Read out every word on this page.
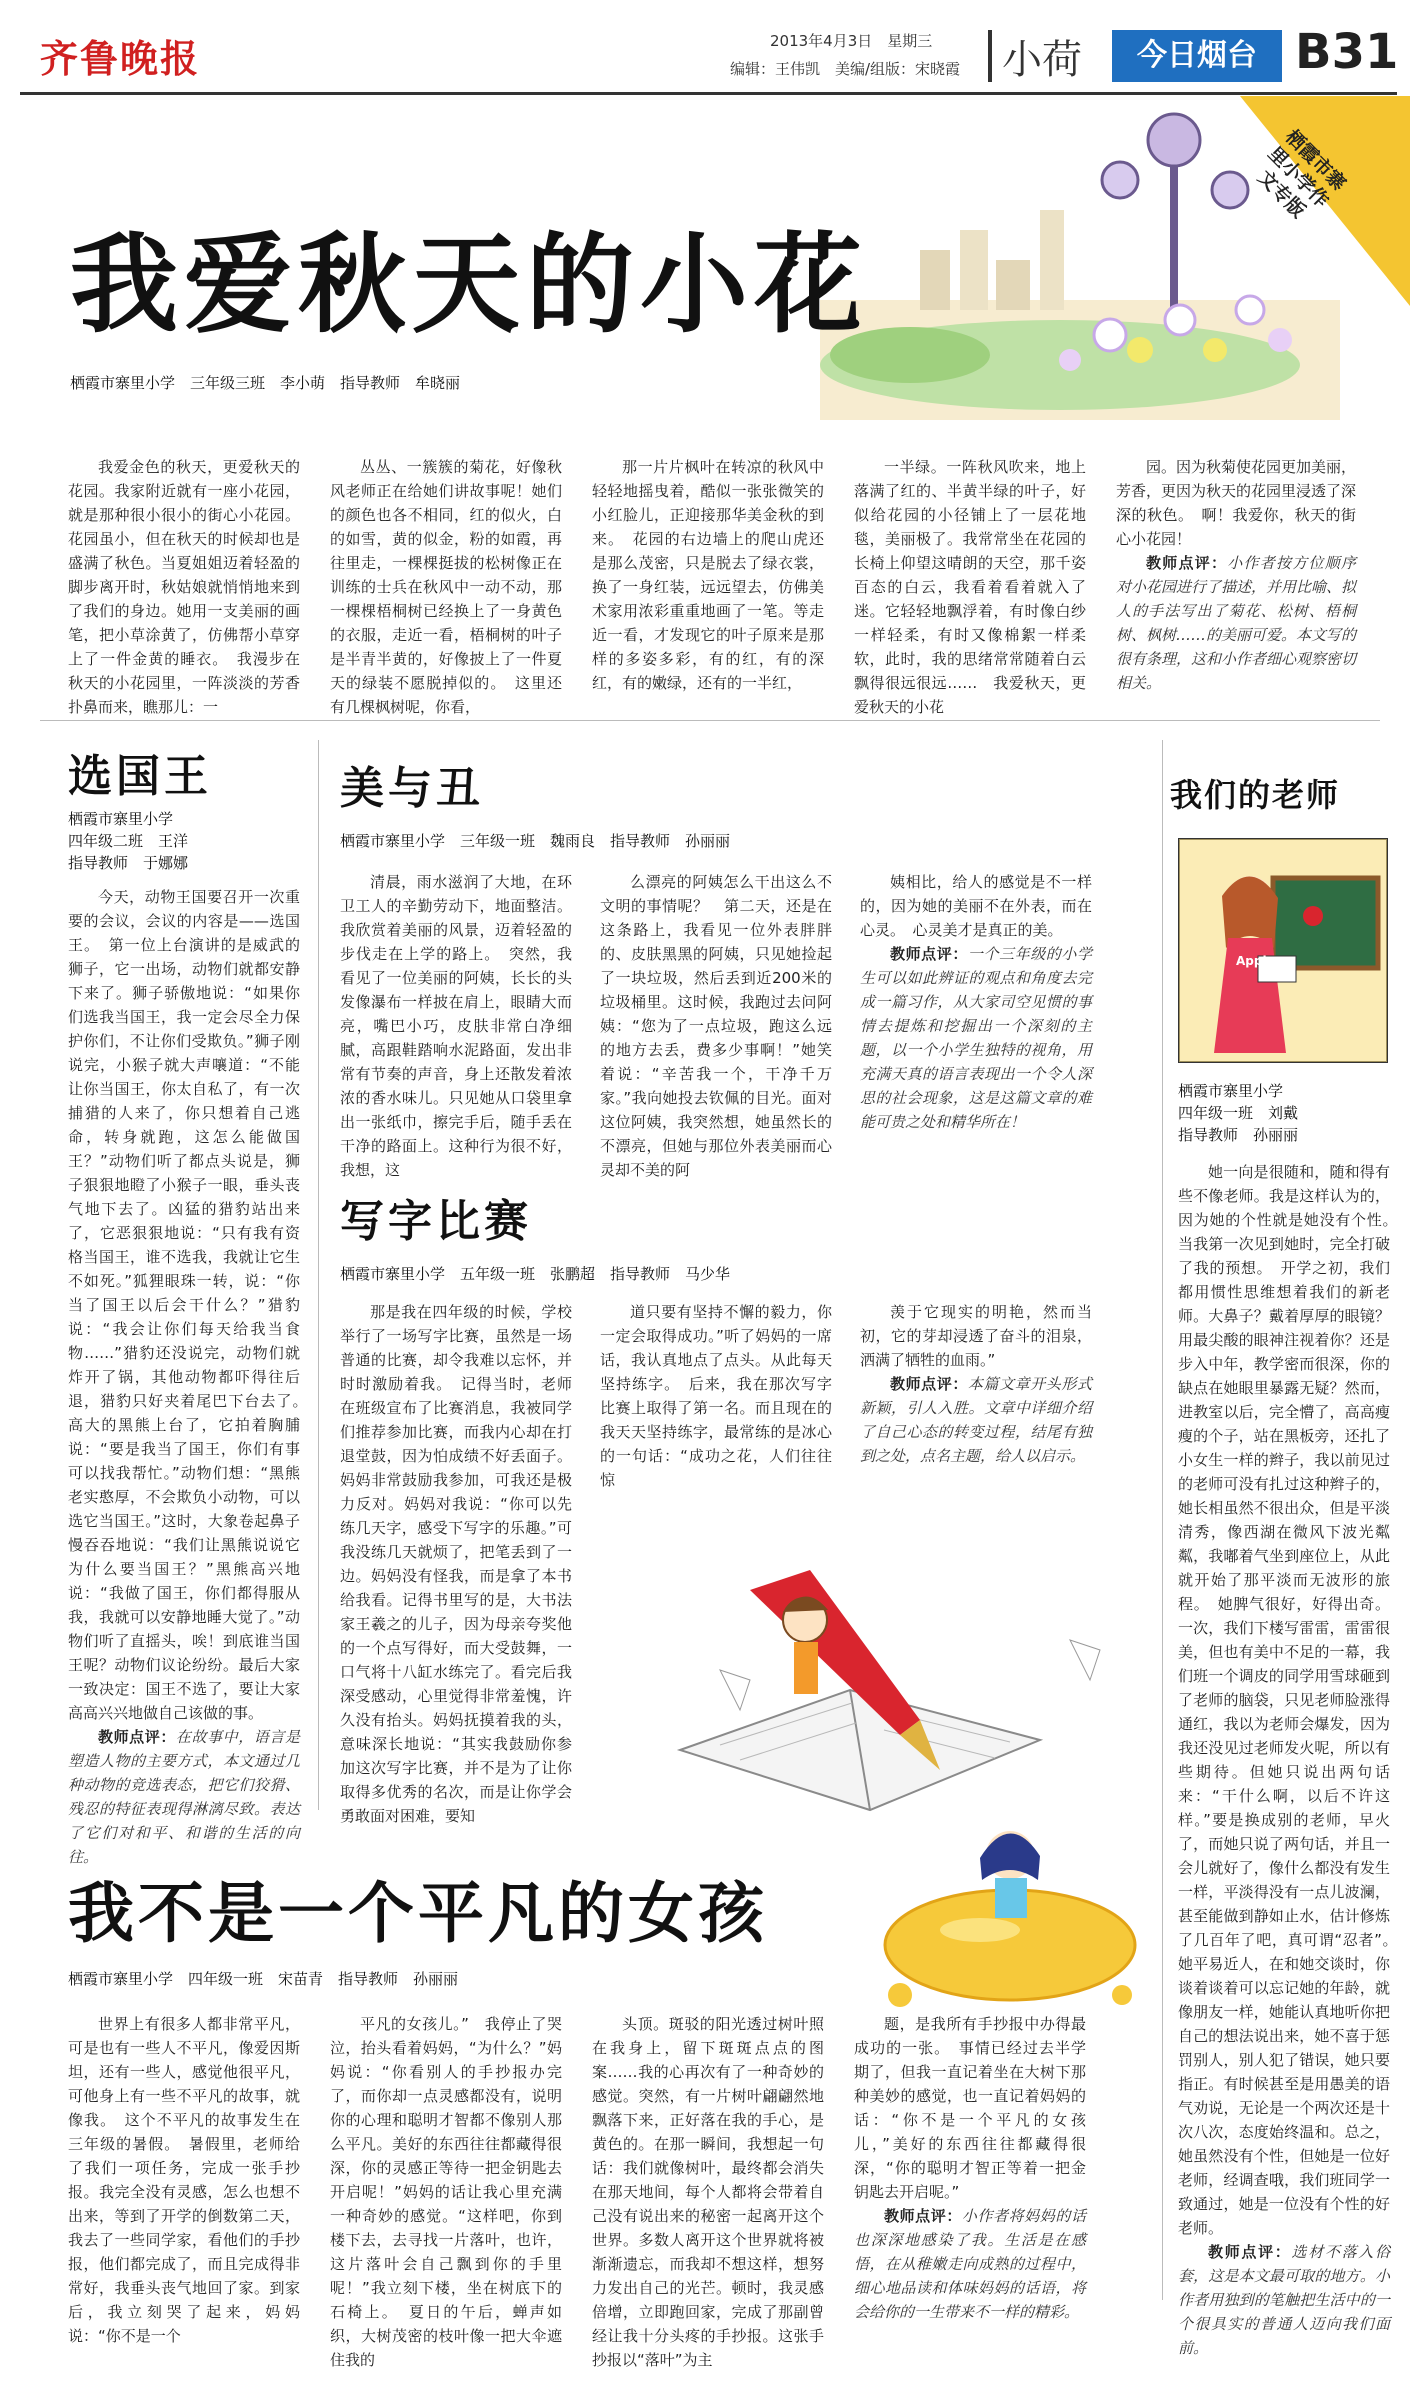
齐鲁晚报	2013年4月3日　星期三
编辑：王伟凯　美编/组版：宋晓霞 小荷	今日烟台 B31
栖霞市寨里小学作文专版
我爱秋天的小花
栖霞市寨里小学　三年级三班　李小萌　指导教师　牟晓丽

我爱金色的秋天，更爱秋天的花园。我家附近就有一座小花园，就是那种很小很小的街心小花园。花园虽小，但在秋天的时候却也是盛满了秋色。当夏姐姐迈着轻盈的脚步离开时，秋姑娘就悄悄地来到了我们的身边。她用一支美丽的画笔，把小草涂黄了，仿佛帮小草穿上了一件金黄的睡衣。　我漫步在秋天的小花园里，一阵淡淡的芳香扑鼻而来，瞧那儿：一

丛丛、一簇簇的菊花，好像秋风老师正在给她们讲故事呢！她们的颜色也各不相同，红的似火，白的如雪，黄的似金，粉的如霞，再往里走，一棵棵挺拔的松树像正在训练的士兵在秋风中一动不动，那一棵棵梧桐树已经换上了一身黄色的衣服，走近一看，梧桐树的叶子是半青半黄的，好像披上了一件夏天的绿装不愿脱掉似的。　这里还有几棵枫树呢，你看，

那一片片枫叶在转凉的秋风中轻轻地摇曳着，酷似一张张微笑的小红脸儿，正迎接那华美金秋的到来。　花园的右边墙上的爬山虎还是那么茂密，只是脱去了绿衣裳，换了一身红装，远远望去，仿佛美术家用浓彩重重地画了一笔。等走近一看，才发现它的叶子原来是那样的多姿多彩，有的红，有的深红，有的嫩绿，还有的一半红，

一半绿。一阵秋风吹来，地上落满了红的、半黄半绿的叶子，好似给花园的小径铺上了一层花地毯，美丽极了。我常常坐在花园的长椅上仰望这晴朗的天空，那千姿百态的白云，我看着看着就入了迷。它轻轻地飘浮着，有时像白纱一样轻柔，有时又像棉絮一样柔软，此时，我的思绪常常随着白云飘得很远很远……　我爱秋天，更爱秋天的小花

园。因为秋菊使花园更加美丽，芳香，更因为秋天的花园里浸透了深深的秋色。　啊！我爱你，秋天的街心小花园！

教师点评：小作者按方位顺序对小花园进行了描述，并用比喻、拟人的手法写出了菊花、松树、梧桐树、枫树……的美丽可爱。本文写的很有条理，这和小作者细心观察密切相关。

选国王
栖霞市寨里小学
四年级二班　王洋
指导教师　于娜娜

今天，动物王国要召开一次重要的会议，会议的内容是——选国王。　第一位上台演讲的是威武的狮子，它一出场，动物们就都安静下来了。狮子骄傲地说：“如果你们选我当国王，我一定会尽全力保护你们，不让你们受欺负。”狮子刚说完，小猴子就大声嚷道：“不能让你当国王，你太自私了，有一次捕猎的人来了，你只想着自己逃命，转身就跑，这怎么能做国王？”动物们听了都点头说是，狮子狠狠地瞪了小猴子一眼，垂头丧气地下去了。凶猛的猎豹站出来了，它恶狠狠地说：“只有我有资格当国王，谁不选我，我就让它生不如死。”狐狸眼珠一转，说：“你当了国王以后会干什么？”猎豹说：“我会让你们每天给我当食物……”猎豹还没说完，动物们就炸开了锅，其他动物都吓得往后退，猎豹只好夹着尾巴下台去了。　高大的黑熊上台了，它拍着胸脯说：“要是我当了国王，你们有事可以找我帮忙。”动物们想：“黑熊老实憨厚，不会欺负小动物，可以选它当国王。”这时，大象卷起鼻子慢吞吞地说：“我们让黑熊说说它为什么要当国王？”黑熊高兴地说：“我做了国王，你们都得服从我，我就可以安静地睡大觉了。”动物们听了直摇头，唉！到底谁当国王呢？动物们议论纷纷。最后大家一致决定：国王不选了，要让大家高高兴兴地做自己该做的事。

教师点评：在故事中，语言是塑造人物的主要方式，本文通过几种动物的竞选表态，把它们狡猾、残忍的特征表现得淋漓尽致。表达了它们对和平、和谐的生活的向往。

美与丑
栖霞市寨里小学　三年级一班　魏雨良　指导教师　孙丽丽

清晨，雨水滋润了大地，在环卫工人的辛勤劳动下，地面整洁。我欣赏着美丽的风景，迈着轻盈的步伐走在上学的路上。　突然，我看见了一位美丽的阿姨，长长的头发像瀑布一样披在肩上，眼睛大而亮，嘴巴小巧，皮肤非常白净细腻，高跟鞋踏响水泥路面，发出非常有节奏的声音，身上还散发着浓浓的香水味儿。只见她从口袋里拿出一张纸巾，擦完手后，随手丢在干净的路面上。这种行为很不好，我想，这

么漂亮的阿姨怎么干出这么不文明的事情呢？　第二天，还是在这条路上，我看见一位外表胖胖的、皮肤黑黑的阿姨，只见她捡起了一块垃圾，然后丢到近200米的垃圾桶里。这时候，我跑过去问阿姨：“您为了一点垃圾，跑这么远的地方去丢，费多少事啊！”她笑着说：“辛苦我一个，干净千万家。”我向她投去钦佩的目光。面对这位阿姨，我突然想，她虽然长的不漂亮，但她与那位外表美丽而心灵却不美的阿

姨相比，给人的感觉是不一样的，因为她的美丽不在外表，而在心灵。　心灵美才是真正的美。

教师点评：一个三年级的小学生可以如此辨证的观点和角度去完成一篇习作，从大家司空见惯的事情去提炼和挖掘出一个深刻的主题，以一个小学生独特的视角，用充满天真的语言表现出一个令人深思的社会现象，这是这篇文章的难能可贵之处和精华所在！

写字比赛
栖霞市寨里小学　五年级一班　张鹏超　指导教师　马少华

那是我在四年级的时候，学校举行了一场写字比赛，虽然是一场普通的比赛，却令我难以忘怀，并时时激励着我。　记得当时，老师在班级宣布了比赛消息，我被同学们推荐参加比赛，而我内心却在打退堂鼓，因为怕成绩不好丢面子。妈妈非常鼓励我参加，可我还是极力反对。妈妈对我说：“你可以先练几天字，感受下写字的乐趣。”可我没练几天就烦了，把笔丢到了一边。妈妈没有怪我，而是拿了本书给我看。记得书里写的是，大书法家王羲之的儿子，因为母亲夸奖他的一个点写得好，而大受鼓舞，一口气将十八缸水练完了。看完后我深受感动，心里觉得非常羞愧，许久没有抬头。妈妈抚摸着我的头，意味深长地说：“其实我鼓励你参加这次写字比赛，并不是为了让你取得多优秀的名次，而是让你学会勇敢面对困难，要知

道只要有坚持不懈的毅力，你一定会取得成功。”听了妈妈的一席话，我认真地点了点头。从此每天坚持练字。　后来，我在那次写字比赛上取得了第一名。而且现在的我天天坚持练字，最常练的是冰心的一句话：“成功之花，人们往往惊

羡于它现实的明艳，然而当初，它的芽却浸透了奋斗的泪泉，洒满了牺牲的血雨。”

教师点评：本篇文章开头形式新颖，引人入胜。文章中详细介绍了自己心态的转变过程，结尾有独到之处，点名主题，给人以启示。

我不是一个平凡的女孩
栖霞市寨里小学　四年级一班　宋苗青　指导教师　孙丽丽

世界上有很多人都非常平凡，可是也有一些人不平凡，像爱因斯坦，还有一些人，感觉他很平凡，可他身上有一些不平凡的故事，就像我。　这个不平凡的故事发生在三年级的暑假。　暑假里，老师给了我们一项任务，完成一张手抄报。我完全没有灵感，怎么也想不出来，等到了开学的倒数第二天，我去了一些同学家，看他们的手抄报，他们都完成了，而且完成得非常好，我垂头丧气地回了家。到家后，我立刻哭了起来，妈妈说：“你不是一个

平凡的女孩儿。”　我停止了哭泣，抬头看着妈妈，“为什么？”妈妈说：“你看别人的手抄报办完了，而你却一点灵感都没有，说明你的心理和聪明才智都不像别人那么平凡。美好的东西往往都藏得很深，你的灵感正等待一把金钥匙去开启呢！”妈妈的话让我心里充满一种奇妙的感觉。“这样吧，你到楼下去，去寻找一片落叶，也许，这片落叶会自己飘到你的手里呢！”我立刻下楼，坐在树底下的石椅上。　夏日的午后，蝉声如织，大树茂密的枝叶像一把大伞遮住我的

头顶。斑驳的阳光透过树叶照在我身上，留下斑斑点点的图案……我的心再次有了一种奇妙的感觉。突然，有一片树叶翩翩然地飘落下来，正好落在我的手心，是黄色的。在那一瞬间，我想起一句话：我们就像树叶，最终都会消失在那天地间，每个人都将会带着自己没有说出来的秘密一起离开这个世界。多数人离开这个世界就将被渐渐遗忘，而我却不想这样，想努力发出自己的光芒。顿时，我灵感倍增，立即跑回家，完成了那副曾经让我十分头疼的手抄报。这张手抄报以“落叶”为主

题，是我所有手抄报中办得最成功的一张。　事情已经过去半学期了，但我一直记着坐在大树下那种美妙的感觉，也一直记着妈妈的话：“你不是一个平凡的女孩儿，”美好的东西往往都藏得很深，“你的聪明才智正等着一把金钥匙去开启呢。”

教师点评：小作者将妈妈的话也深深地感染了我。生活是在感悟，在从稚嫩走向成熟的过程中，细心地品读和体味妈妈的话语，将会给你的一生带来不一样的精彩。

我们的老师
Apple
栖霞市寨里小学
四年级一班　刘戴
指导教师　孙丽丽

她一向是很随和，随和得有些不像老师。我是这样认为的，因为她的个性就是她没有个性。　当我第一次见到她时，完全打破了我的预想。　开学之初，我们都用惯性思维想着我们的新老师。大鼻子？戴着厚厚的眼镜？用最尖酸的眼神注视着你？还是步入中年，教学密而很深，你的缺点在她眼里暴露无疑？然而，进教室以后，完全懵了，高高瘦瘦的个子，站在黑板旁，还扎了小女生一样的辫子，我以前见过的老师可没有扎过这种辫子的，她长相虽然不很出众，但是平淡清秀，像西湖在微风下波光粼粼，我嘟着气坐到座位上，从此就开始了那平淡而无波形的旅程。　她脾气很好，好得出奇。一次，我们下楼写雷雷，雷雷很美，但也有美中不足的一幕，我们班一个调皮的同学用雪球砸到了老师的脑袋，只见老师脸涨得通红，我以为老师会爆发，因为我还没见过老师发火呢，所以有些期待。但她只说出两句话来：“干什么啊，以后不许这样。”要是换成别的老师，早火了，而她只说了两句话，并且一会儿就好了，像什么都没有发生一样，平淡得没有一点儿波澜，甚至能做到静如止水，估计修炼了几百年了吧，真可谓“忍者”。　她平易近人，在和她交谈时，你谈着谈着可以忘记她的年龄，就像朋友一样，她能认真地听你把自己的想法说出来，她不喜于惩罚别人，别人犯了错误，她只要指正。有时候甚至是用愚美的语气劝说，无论是一个两次还是十次八次，态度始终温和。总之，她虽然没有个性，但她是一位好老师，经调查哦，我们班同学一致通过，她是一位没有个性的好老师。

教师点评：选材不落入俗套，这是本文最可取的地方。小作者用独到的笔触把生活中的一个很具实的普通人迈向我们面前。
